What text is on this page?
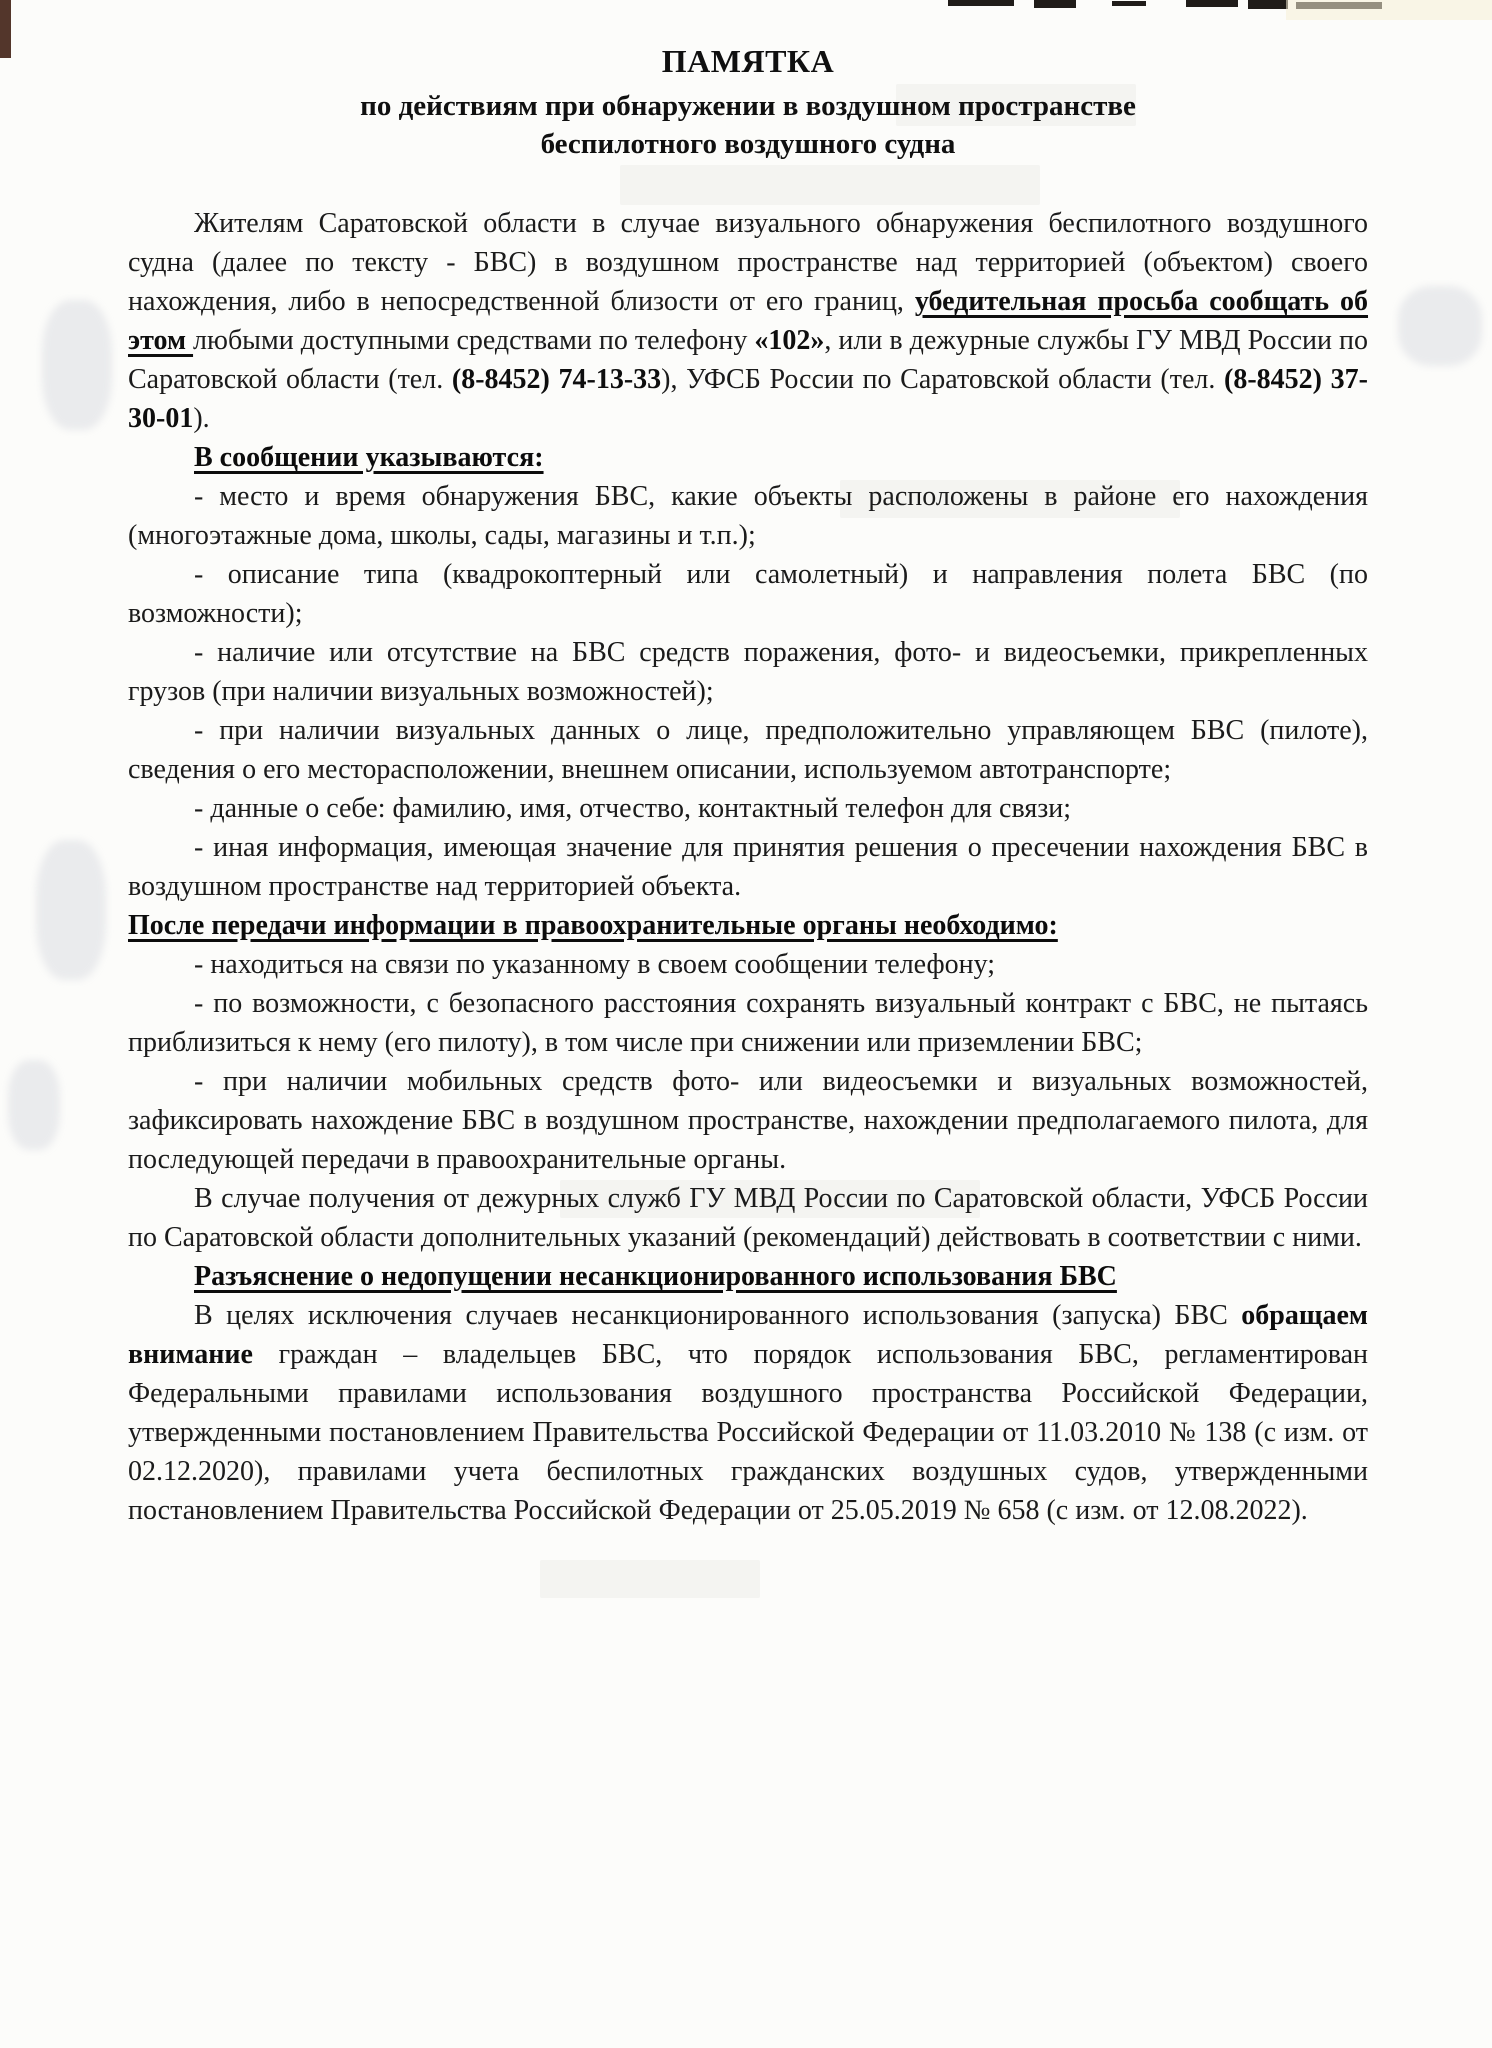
ПАМЯТКА
по действиям при обнаружении в воздушном пространстве
беспилотного воздушного судна

Жителям Саратовской области в случае визуального обнаружения беспилотного воздушного судна (далее по тексту - БВС) в воздушном пространстве над территорией (объектом) своего нахождения, либо в непосредственной близости от его границ, убедительная просьба сообщать об этом любыми доступными средствами по телефону «102», или в дежурные службы ГУ МВД России по Саратовской области (тел. (8-8452) 74-13-33), УФСБ России по Саратовской области (тел. (8-8452) 37-30-01).

В сообщении указываются:

- место и время обнаружения БВС, какие объекты расположены в районе его нахождения (многоэтажные дома, школы, сады, магазины и т.п.);

- описание типа (квадрокоптерный или самолетный) и направления полета БВС (по возможности);

- наличие или отсутствие на БВС средств поражения, фото- и видеосъемки, прикрепленных грузов (при наличии визуальных возможностей);

- при наличии визуальных данных о лице, предположительно управляющем БВС (пилоте), сведения о его месторасположении, внешнем описании, используемом автотранспорте;

- данные о себе: фамилию, имя, отчество, контактный телефон для связи;

- иная информация, имеющая значение для принятия решения о пресечении нахождения БВС в воздушном пространстве над территорией объекта.

После передачи информации в правоохранительные органы необходимо:

- находиться на связи по указанному в своем сообщении телефону;

- по возможности, с безопасного расстояния сохранять визуальный контракт с БВС, не пытаясь приблизиться к нему (его пилоту), в том числе при снижении или приземлении БВС;

- при наличии мобильных средств фото- или видеосъемки и визуальных возможностей, зафиксировать нахождение БВС в воздушном пространстве, нахождении предполагаемого пилота, для последующей передачи в правоохранительные органы.

В случае получения от дежурных служб ГУ МВД России по Саратовской области, УФСБ России по Саратовской области дополнительных указаний (рекомендаций) действовать в соответствии с ними.

Разъяснение о недопущении несанкционированного использования БВС

В целях исключения случаев несанкционированного использования (запуска) БВС обращаем внимание граждан – владельцев БВС, что порядок использования БВС, регламентирован Федеральными правилами использования воздушного пространства Российской Федерации, утвержденными постановлением Правительства Российской Федерации от 11.03.2010 № 138 (с изм. от 02.12.2020), правилами учета беспилотных гражданских воздушных судов, утвержденными постановлением Правительства Российской Федерации от 25.05.2019 № 658 (с изм. от 12.08.2022).
